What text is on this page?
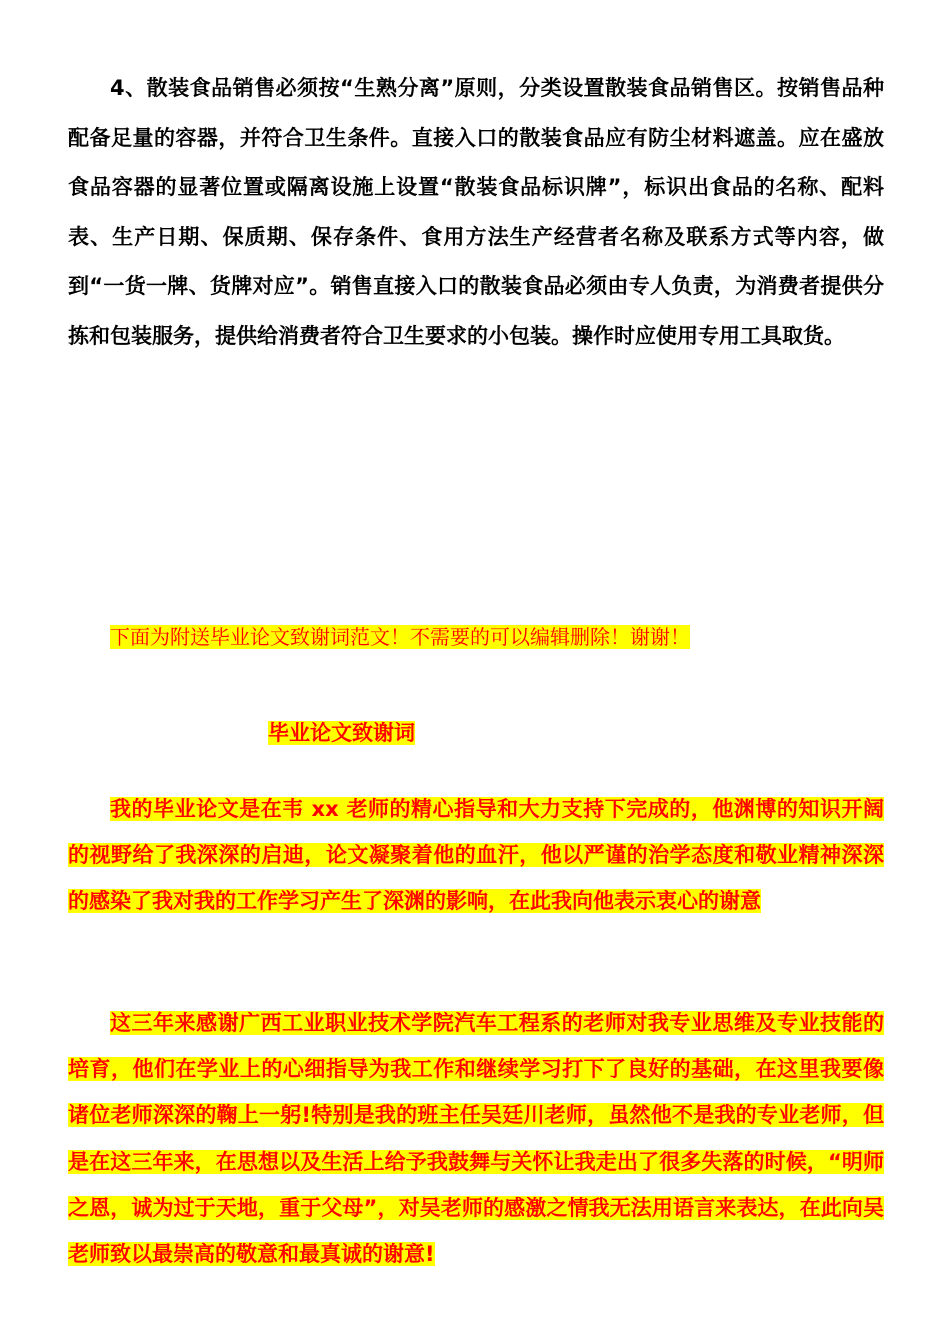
4、散装食品销售必须按“生熟分离”原则，分类设置散装食品销售区。按销售品种配备足量的容器，并符合卫生条件。直接入口的散装食品应有防尘材料遮盖。应在盛放食品容器的显著位置或隔离设施上设置“散装食品标识牌”，标识出食品的名称、配料表、生产日期、保质期、保存条件、食用方法生产经营者名称及联系方式等内容，做到“一货一牌、货牌对应”。销售直接入口的散装食品必须由专人负责，为消费者提供分拣和包装服务，提供给消费者符合卫生要求的小包装。操作时应使用专用工具取货。

下面为附送毕业论文致谢词范文！不需要的可以编辑删除！谢谢！

毕业论文致谢词

我的毕业论文是在韦 xx 老师的精心指导和大力支持下完成的，他渊博的知识开阔的视野给了我深深的启迪，论文凝聚着他的血汗，他以严谨的治学态度和敬业精神深深的感染了我对我的工作学习产生了深渊的影响，在此我向他表示衷心的谢意

这三年来感谢广西工业职业技术学院汽车工程系的老师对我专业思维及专业技能的培育，他们在学业上的心细指导为我工作和继续学习打下了良好的基础，在这里我要像诸位老师深深的鞠上一躬!特别是我的班主任吴廷川老师，虽然他不是我的专业老师，但是在这三年来，在思想以及生活上给予我鼓舞与关怀让我走出了很多失落的时候，“明师之恩，诚为过于天地，重于父母”，对吴老师的感激之情我无法用语言来表达，在此向吴老师致以最崇高的敬意和最真诚的谢意!
